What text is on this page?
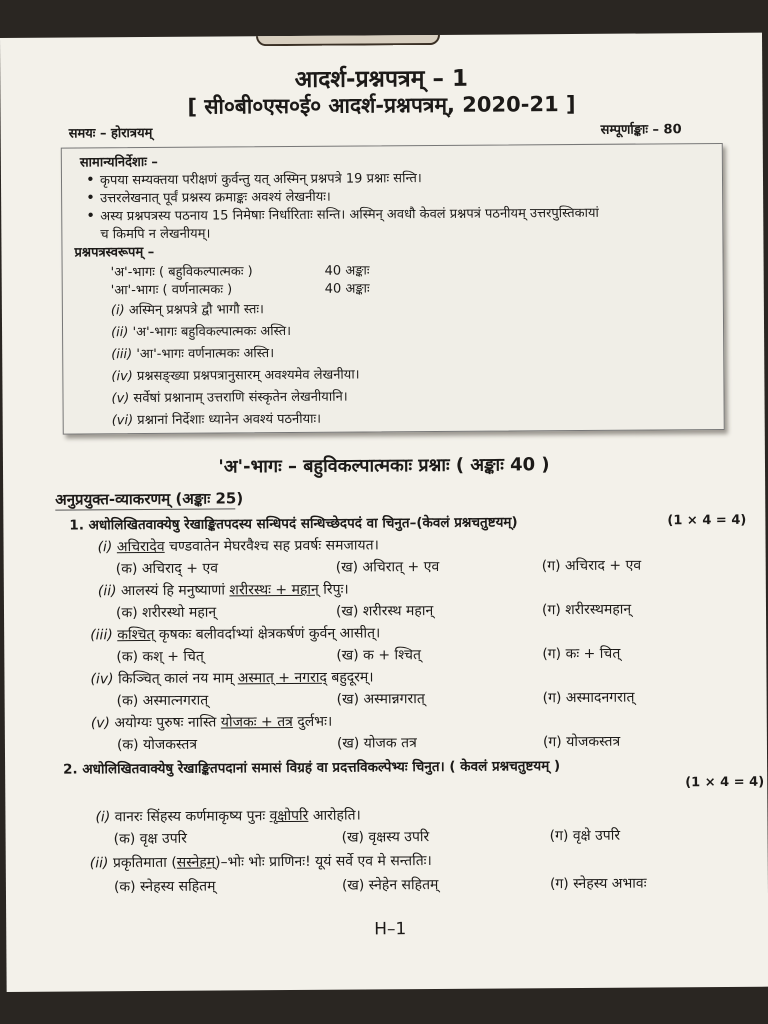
आदर्श-प्रश्नपत्रम् – 1
[ सी०बी०एस०ई० आदर्श-प्रश्नपत्रम्, 2020-21 ]
समयः – होरात्रयम्	सम्पूर्णाङ्काः – 80
सामान्यनिर्देशाः –
• कृपया सम्यक्तया परीक्षणं कुर्वन्तु यत् अस्मिन् प्रश्नपत्रे 19 प्रश्नाः सन्ति।
• उत्तरलेखनात् पूर्वं प्रश्नस्य क्रमाङ्कः अवश्यं लेखनीयः।
• अस्य प्रश्नपत्रस्य पठनाय 15 निमेषाः निर्धारिताः सन्ति। अस्मिन् अवधौ केवलं प्रश्नपत्रं पठनीयम् उत्तरपुस्तिकायां
च किमपि न लेखनीयम्।
प्रश्नपत्रस्वरूपम् –
'अ'-भागः ( बहुविकल्पात्मकः )	40 अङ्काः
'आ'-भागः ( वर्णनात्मकः )	40 अङ्काः
(i) अस्मिन् प्रश्नपत्रे द्वौ भागौ स्तः।
(ii) 'अ'-भागः बहुविकल्पात्मकः अस्ति।
(iii) 'आ'-भागः वर्णनात्मकः अस्ति।
(iv) प्रश्नसङ्ख्या प्रश्नपत्रानुसारम् अवश्यमेव लेखनीया।
(v) सर्वेषां प्रश्नानाम् उत्तराणि संस्कृतेन लेखनीयानि।
(vi) प्रश्नानां निर्देशाः ध्यानेन अवश्यं पठनीयाः।
'अ'-भागः – बहुविकल्पात्मकाः प्रश्नाः ( अङ्काः 40 )
अनुप्रयुक्त-व्याकरणम् (अङ्काः 25)
1. अधोलिखितवाक्येषु रेखाङ्कितपदस्य सन्धिपदं सन्धिच्छेदपदं वा चिनुत–(केवलं प्रश्नचतुष्टयम्)	(1 × 4 = 4)
(i) अचिरादेव चण्डवातेन मेघरवैश्च सह प्रवर्षः समजायत।
(क) अचिराद् + एव	(ख) अचिरात् + एव	(ग) अचिराद + एव
(ii) आलस्यं हि मनुष्याणां शरीरस्थः + महान् रिपुः।
(क) शरीरस्थो महान्	(ख) शरीरस्थ महान्	(ग) शरीरस्थमहान्
(iii) कश्चित् कृषकः बलीवर्दाभ्यां क्षेत्रकर्षणं कुर्वन् आसीत्।
(क) कश् + चित्	(ख) क + श्चित्	(ग) कः + चित्
(iv) किञ्चित् कालं नय माम् अस्मात् + नगराद् बहुदूरम्।
(क) अस्मात्नगरात्	(ख) अस्मान्नगरात्	(ग) अस्मादनगरात्
(v) अयोग्यः पुरुषः नास्ति योजकः + तत्र दुर्लभः।
(क) योजकस्तत्र	(ख) योजक तत्र	(ग) योजकस्तत्र
2. अधोलिखितवाक्येषु रेखाङ्कितपदानां समासं विग्रहं वा प्रदत्तविकल्पेभ्यः चिनुत। ( केवलं प्रश्नचतुष्टयम् )
(1 × 4 = 4)
(i) वानरः सिंहस्य कर्णमाकृष्य पुनः वृक्षोपरि आरोहति।
(क) वृक्ष उपरि	(ख) वृक्षस्य उपरि	(ग) वृक्षे उपरि
(ii) प्रकृतिमाता (सस्नेहम्)–भोः भोः प्राणिनः! यूयं सर्वे एव मे सन्ततिः।
(क) स्नेहस्य सहितम्	(ख) स्नेहेन सहितम्	(ग) स्नेहस्य अभावः
H–1
